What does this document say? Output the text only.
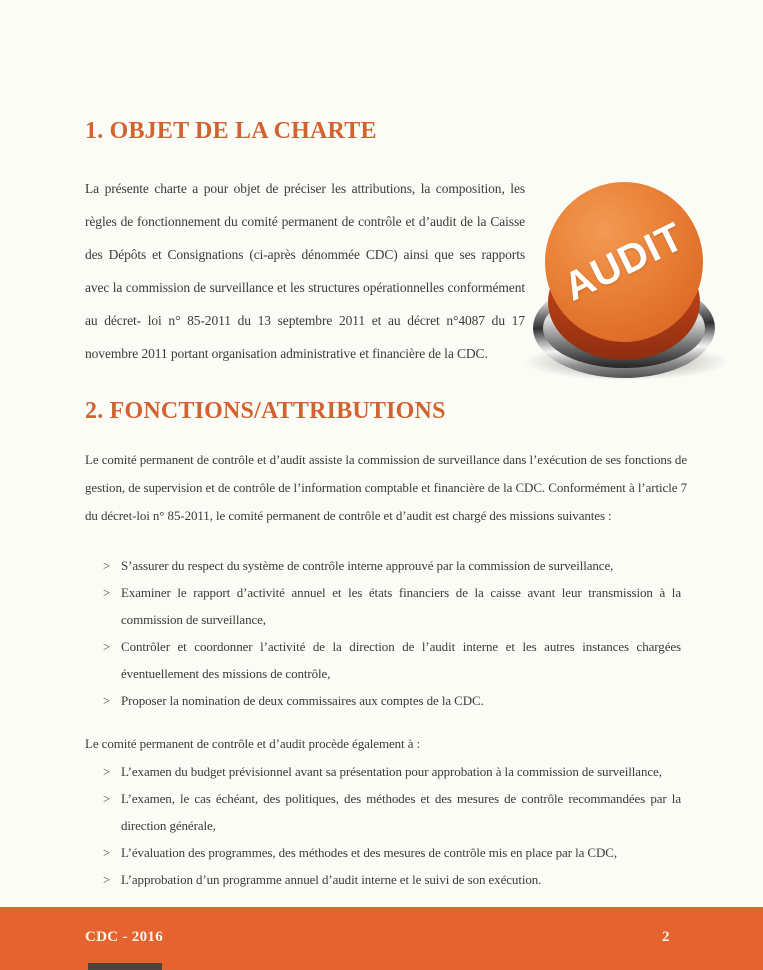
1. OBJET DE LA CHARTE

La présente charte a pour objet de préciser les attributions, la composition, les règles de fonctionnement du comité permanent de contrôle et d’audit de la Caisse des Dépôts et Consignations (ci-après dénommée CDC) ainsi que ses rapports avec la commission de surveillance et les structures opérationnelles conformément au décret- loi n° 85-2011 du 13 septembre 2011 et au décret n°4087 du 17 novembre 2011 portant organisation administrative et financière de la CDC.

AUDIT
2. FONCTIONS/ATTRIBUTIONS

Le comité permanent de contrôle et d’audit assiste la commission de surveillance dans l’exécution de ses fonctions de gestion, de supervision et de contrôle de l’information comptable et financière de la CDC. Conformément à l’article 7 du décret-loi n° 85-2011, le comité permanent de contrôle et d’audit est chargé des missions suivantes :

> S’assurer du respect du système de contrôle interne approuvé par la commission de surveillance,
> Examiner le rapport d’activité annuel et les états financiers de la caisse avant leur transmission à la commission de surveillance,
> Contrôler et coordonner l’activité de la direction de l’audit interne et les autres instances chargées éventuellement des missions de contrôle,
> Proposer la nomination de deux commissaires aux comptes de la CDC.

Le comité permanent de contrôle et d’audit procède également à :

> L’examen du budget prévisionnel avant sa présentation pour approbation à la commission de surveillance,
> L’examen, le cas échéant, des politiques, des méthodes et des mesures de contrôle recommandées par la direction générale,
> L’évaluation des programmes, des méthodes et des mesures de contrôle mis en place par la CDC,
> L’approbation d’un programme annuel d’audit interne et le suivi de son exécution.
CDC - 2016	2
